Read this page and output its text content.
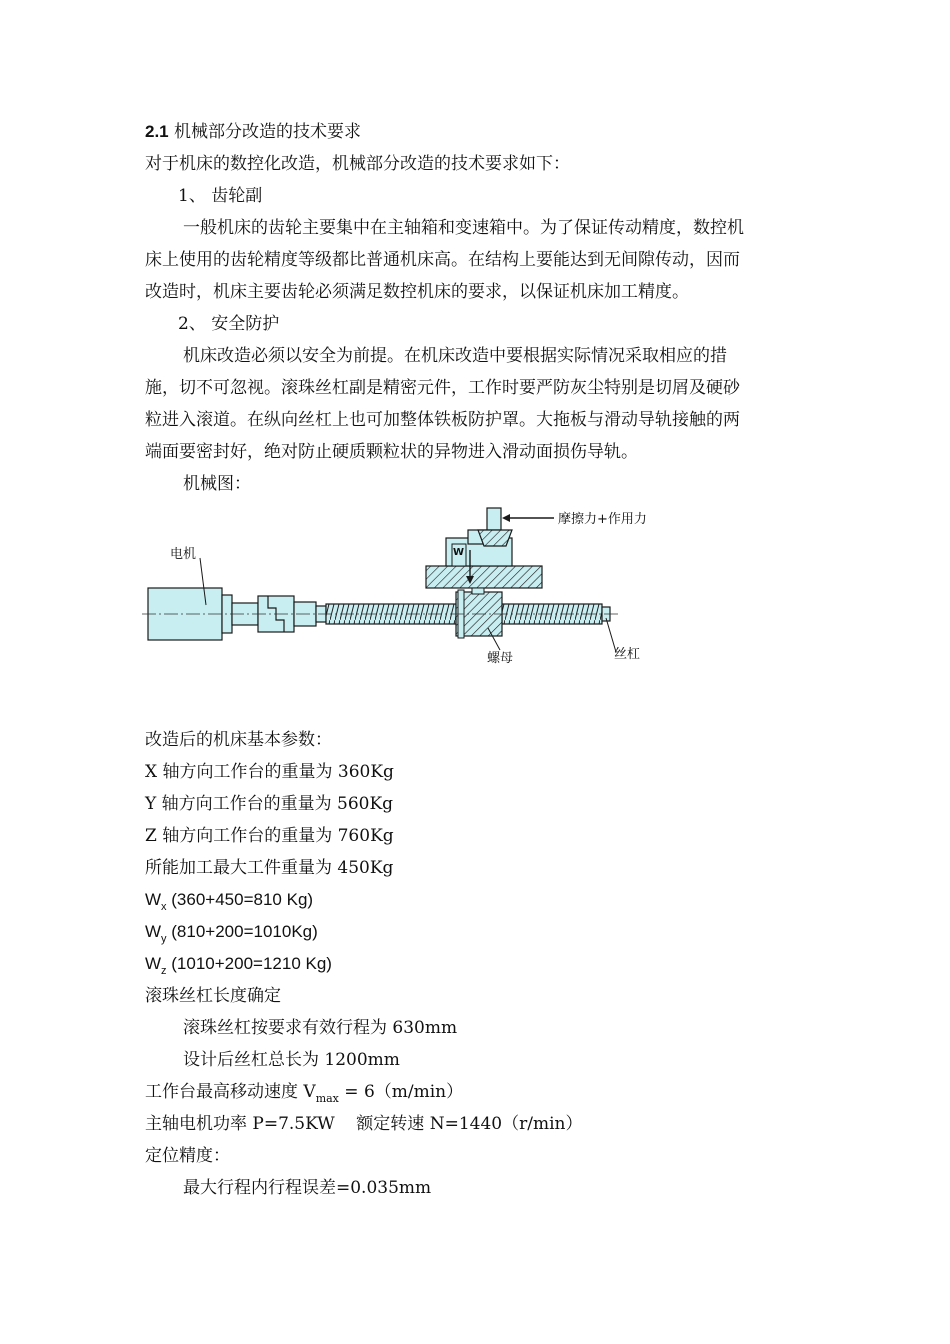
2.1 机械部分改造的技术要求
对于机床的数控化改造，机械部分改造的技术要求如下：
1、 齿轮副
一般机床的齿轮主要集中在主轴箱和变速箱中。为了保证传动精度，数控机
床上使用的齿轮精度等级都比普通机床高。在结构上要能达到无间隙传动，因而
改造时，机床主要齿轮必须满足数控机床的要求，以保证机床加工精度。
2、 安全防护
机床改造必须以安全为前提。在机床改造中要根据实际情况采取相应的措
施，切不可忽视。滚珠丝杠副是精密元件，工作时要严防灰尘特别是切屑及硬砂
粒进入滚道。在纵向丝杠上也可加整体铁板防护罩。大拖板与滑动导轨接触的两
端面要密封好，绝对防止硬质颗粒状的异物进入滑动面损伤导轨。
机械图：
电机
螺母
W
摩擦力+作用力
丝杠
改造后的机床基本参数：
X 轴方向工作台的重量为 360Kg
Y 轴方向工作台的重量为 560Kg
Z 轴方向工作台的重量为 760Kg
所能加工最大工件重量为 450Kg
$W_x$ (360+450=810 Kg)
$W_y$ (810+200=1010Kg)
$W_z$ (1010+200=1210 Kg)
滚珠丝杠长度确定
滚珠丝杠按要求有效行程为 630mm
设计后丝杠总长为 1200mm
工作台最高移动速度 $V_{max} = 6(m/\min)$
主轴电机功率 P=7.5KW    额定转速 N=1440（r/min）
定位精度：
最大行程内行程误差=0.035mm
